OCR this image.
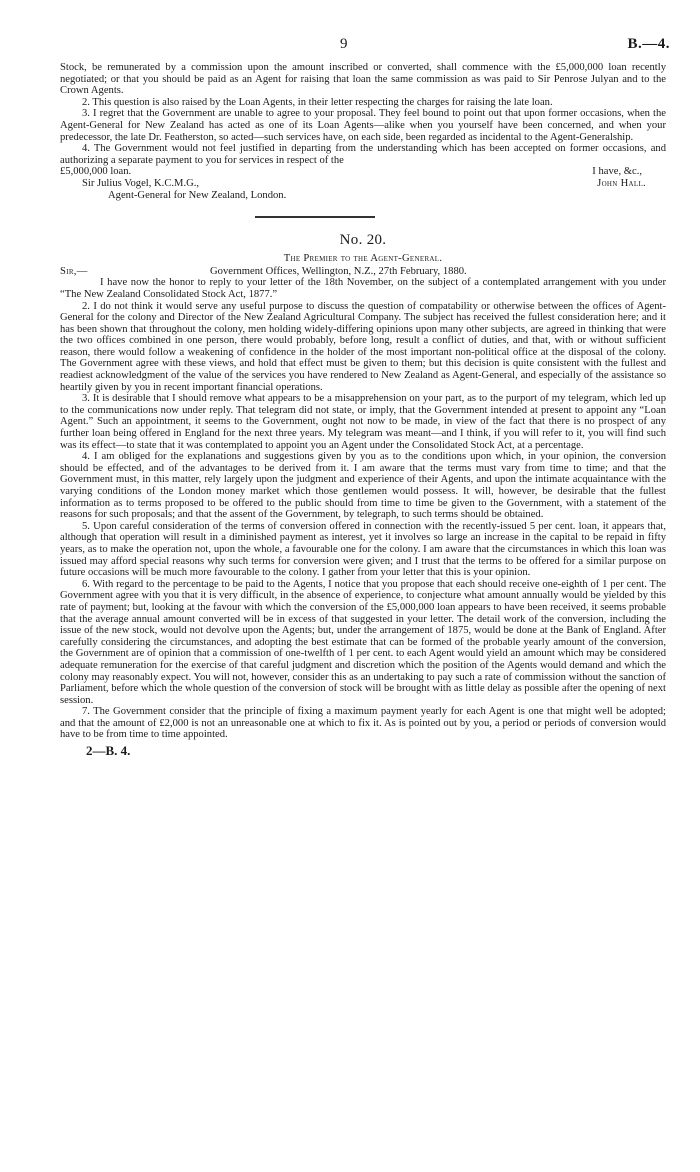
9	B.—4.

Stock, be remunerated by a commission upon the amount inscribed or converted, shall commence with the £5,000,000 loan recently negotiated; or that you should be paid as an Agent for raising that loan the same commission as was paid to Sir Penrose Julyan and to the Crown Agents.

2. This question is also raised by the Loan Agents, in their letter respecting the charges for raising the late loan.

3. I regret that the Government are unable to agree to your proposal. They feel bound to point out that upon former occasions, when the Agent-General for New Zealand has acted as one of its Loan Agents—alike when you yourself have been concerned, and when your predecessor, the late Dr. Featherston, so acted—such services have, on each side, been regarded as incidental to the Agent-Generalship.

4. The Government would not feel justified in departing from the understanding which has been accepted on former occasions, and authorizing a separate payment to you for services in respect of the

£5,000,000 loan.	I have, &c.,
Sir Julius Vogel, K.C.M.G.,	John Hall.

Agent-General for New Zealand, London.

No. 20.
The Premier to the Agent-General.
Sir,—	Government Offices, Wellington, N.Z., 27th February, 1880.

I have now the honor to reply to your letter of the 18th November, on the subject of a contemplated arrangement with you under “The New Zealand Consolidated Stock Act, 1877.”

2. I do not think it would serve any useful purpose to discuss the question of compatability or otherwise between the offices of Agent-General for the colony and Director of the New Zealand Agricultural Company. The subject has received the fullest consideration here; and it has been shown that throughout the colony, men holding widely-differing opinions upon many other subjects, are agreed in thinking that were the two offices combined in one person, there would probably, before long, result a conflict of duties, and that, with or without sufficient reason, there would follow a weakening of confidence in the holder of the most important non-political office at the disposal of the colony. The Government agree with these views, and hold that effect must be given to them; but this decision is quite consistent with the fullest and readiest acknowledgment of the value of the services you have rendered to New Zealand as Agent-General, and especially of the assistance so heartily given by you in recent important financial operations.

3. It is desirable that I should remove what appears to be a misapprehension on your part, as to the purport of my telegram, which led up to the communications now under reply. That telegram did not state, or imply, that the Government intended at present to appoint any “Loan Agent.” Such an appointment, it seems to the Government, ought not now to be made, in view of the fact that there is no prospect of any further loan being offered in England for the next three years. My telegram was meant—and I think, if you will refer to it, you will find such was its effect—to state that it was contemplated to appoint you an Agent under the Consolidated Stock Act, at a percentage.

4. I am obliged for the explanations and suggestions given by you as to the conditions upon which, in your opinion, the conversion should be effected, and of the advantages to be derived from it. I am aware that the terms must vary from time to time; and that the Government must, in this matter, rely largely upon the judgment and experience of their Agents, and upon the intimate acquaintance with the varying conditions of the London money market which those gentlemen would possess. It will, however, be desirable that the fullest information as to terms proposed to be offered to the public should from time to time be given to the Government, with a statement of the reasons for such proposals; and that the assent of the Government, by telegraph, to such terms should be obtained.

5. Upon careful consideration of the terms of conversion offered in connection with the recently-issued 5 per cent. loan, it appears that, although that operation will result in a diminished payment as interest, yet it involves so large an increase in the capital to be repaid in fifty years, as to make the operation not, upon the whole, a favourable one for the colony. I am aware that the circumstances in which this loan was issued may afford special reasons why such terms for conversion were given; and I trust that the terms to be offered for a similar purpose on future occasions will be much more favourable to the colony. I gather from your letter that this is your opinion.

6. With regard to the percentage to be paid to the Agents, I notice that you propose that each should receive one-eighth of 1 per cent. The Government agree with you that it is very difficult, in the absence of experience, to conjecture what amount annually would be yielded by this rate of payment; but, looking at the favour with which the conversion of the £5,000,000 loan appears to have been received, it seems probable that the average annual amount converted will be in excess of that suggested in your letter. The detail work of the conversion, including the issue of the new stock, would not devolve upon the Agents; but, under the arrangement of 1875, would be done at the Bank of England. After carefully considering the circumstances, and adopting the best estimate that can be formed of the probable yearly amount of the conversion, the Government are of opinion that a commission of one-twelfth of 1 per cent. to each Agent would yield an amount which may be considered adequate remuneration for the exercise of that careful judgment and discretion which the position of the Agents would demand and which the colony may reasonably expect. You will not, however, consider this as an undertaking to pay such a rate of commission without the sanction of Parliament, before which the whole question of the conversion of stock will be brought with as little delay as possible after the opening of next session.

7. The Government consider that the principle of fixing a maximum payment yearly for each Agent is one that might well be adopted; and that the amount of £2,000 is not an unreasonable one at which to fix it. As is pointed out by you, a period or periods of conversion would have to be from time to time appointed.

2—B. 4.
